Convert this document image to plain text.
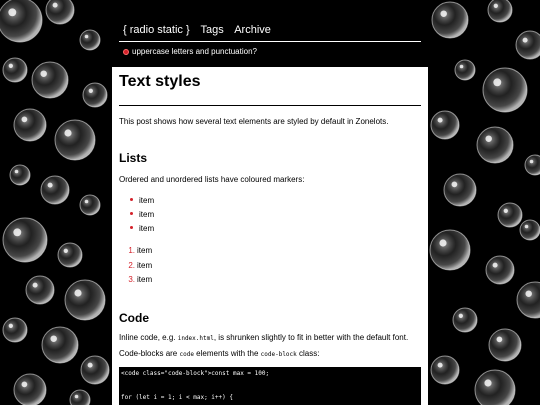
{ radio static } Tags Archive
uppercase letters and punctuation?
Text styles
This post shows how several text elements are styled by default in Zonelots.
Lists
Ordered and unordered lists have coloured markers:
item
item
item
1. item
2. item
3. item
Code
Inline code, e.g. index.html, is shrunken slightly to fit in better with the default font. Code-blocks are code elements with the code-block class:
<code class="code-block">const max = 100;
for (let i = 1; i < max; i++) {
